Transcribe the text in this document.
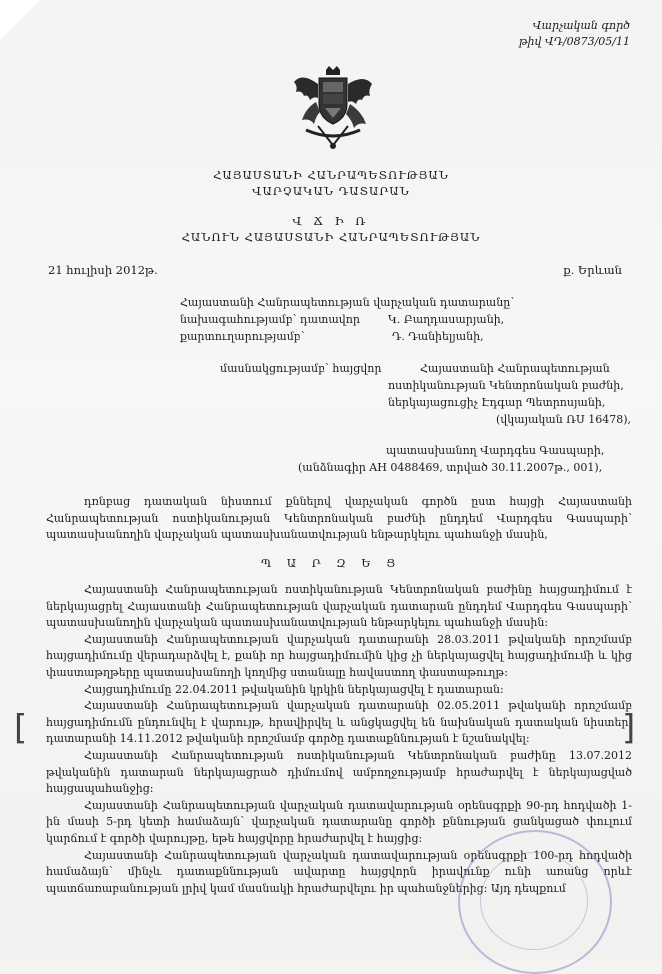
Վարչական գործ
թիվ ՎԴ/0873/05/11
ՀԱՅԱՍՏԱՆԻ ՀԱՆՐԱՊԵՏՈՒԹՅԱՆ
ՎԱՐՉԱԿԱՆ ԴԱՏԱՐԱՆ
Վ Ճ Ի Ռ
ՀԱՆՈՒՆ ՀԱՅԱՍՏԱՆԻ ՀԱՆՐԱՊԵՏՈՒԹՅԱՆ
21 հուլիսի 2012թ.	ք. Երևան
Հայաստանի Հանրապետության վարչական դատարանը՝
նախագահությամբ՝ դատավոր	Կ. Բաղդասարյանի,
քարտուղարությամբ՝	Դ. Դանիելյանի,
մասնակցությամբ՝ հայցվոր	Հայաստանի Հանրապետության
ոստիկանության Կենտրոնական բաժնի,
ներկայացուցիչ Էդգար Պետրոսյանի,
(վկայական ՌՍ 16478),
պատասխանող Վարդգես Գասպարի,
(անձնագիր AH 0488469, տրված 30.11.2007թ., 001),

դռնբաց դատական նիստում քննելով վարչական գործն ըստ հայցի Հայաստանի Հանրապետության ոստիկանության Կենտրոնական բաժնի ընդդեմ Վարդգես Գասպարի՝ պատասխանողին վարչական պատասխանատվության ենթարկելու պահանջի մասին,

Պ Ա Ր Զ Ե Ց

Հայաստանի Հանրապետության ոստիկանության Կենտրոնական բաժինը հայցադիմում է ներկայացրել Հայաստանի Հանրապետության վարչական դատարան ընդդեմ Վարդգես Գասպարի՝ պատասխանողին վարչական պատասխանատվության ենթարկելու պահանջի մասին:

Հայաստանի Հանրապետության վարչական դատարանի 28.03.2011 թվականի որոշմամբ հայցադիմումը վերադարձվել է, քանի որ հայցադիմումին կից չի ներկայացվել հայցադիմումի և կից փաստաթղթերը պատասխանողի կողմից ստանալը հավաստող փաստաթուղթ:

Հայցադիմումը 22.04.2011 թվականին կրկին ներկայացվել է դատարան:

Հայաստանի Հանրապետության վարչական դատարանի 02.05.2011 թվականի որոշմամբ հայցադիմումն ընդունվել է վարույթ, հրավիրվել և անցկացվել են նախնական դատական նիստեր, դատարանի 14.11.2012 թվականի որոշմամբ գործը դատաքննության է նշանակվել:

Հայաստանի Հանրապետության ոստիկանության Կենտրոնական բաժինը 13.07.2012 թվականին դատարան ներկայացրած դիմումով ամբողջությամբ հրաժարվել է ներկայացված հայցապահանջից:

Հայաստանի Հանրապետության վարչական դատավարության օրենսգրքի 90-րդ հոդվածի 1-ին մասի 5-րդ կետի համաձայն՝ վարչական դատարանը գործի քննության ցանկացած փուլում կարճում է գործի վարույթը, եթե հայցվորը հրաժարվել է հայցից:

Հայաստանի Հանրապետության վարչական դատավարության օրենսգրքի 100-րդ հոդվածի համաձայն՝ մինչև դատաքննության ավարտը հայցվորն իրավունք ունի առանց որևէ պատճառաբանության լրիվ կամ մասնակի հրաժարվելու իր պահանջներից: Այդ դեպքում

[	]
